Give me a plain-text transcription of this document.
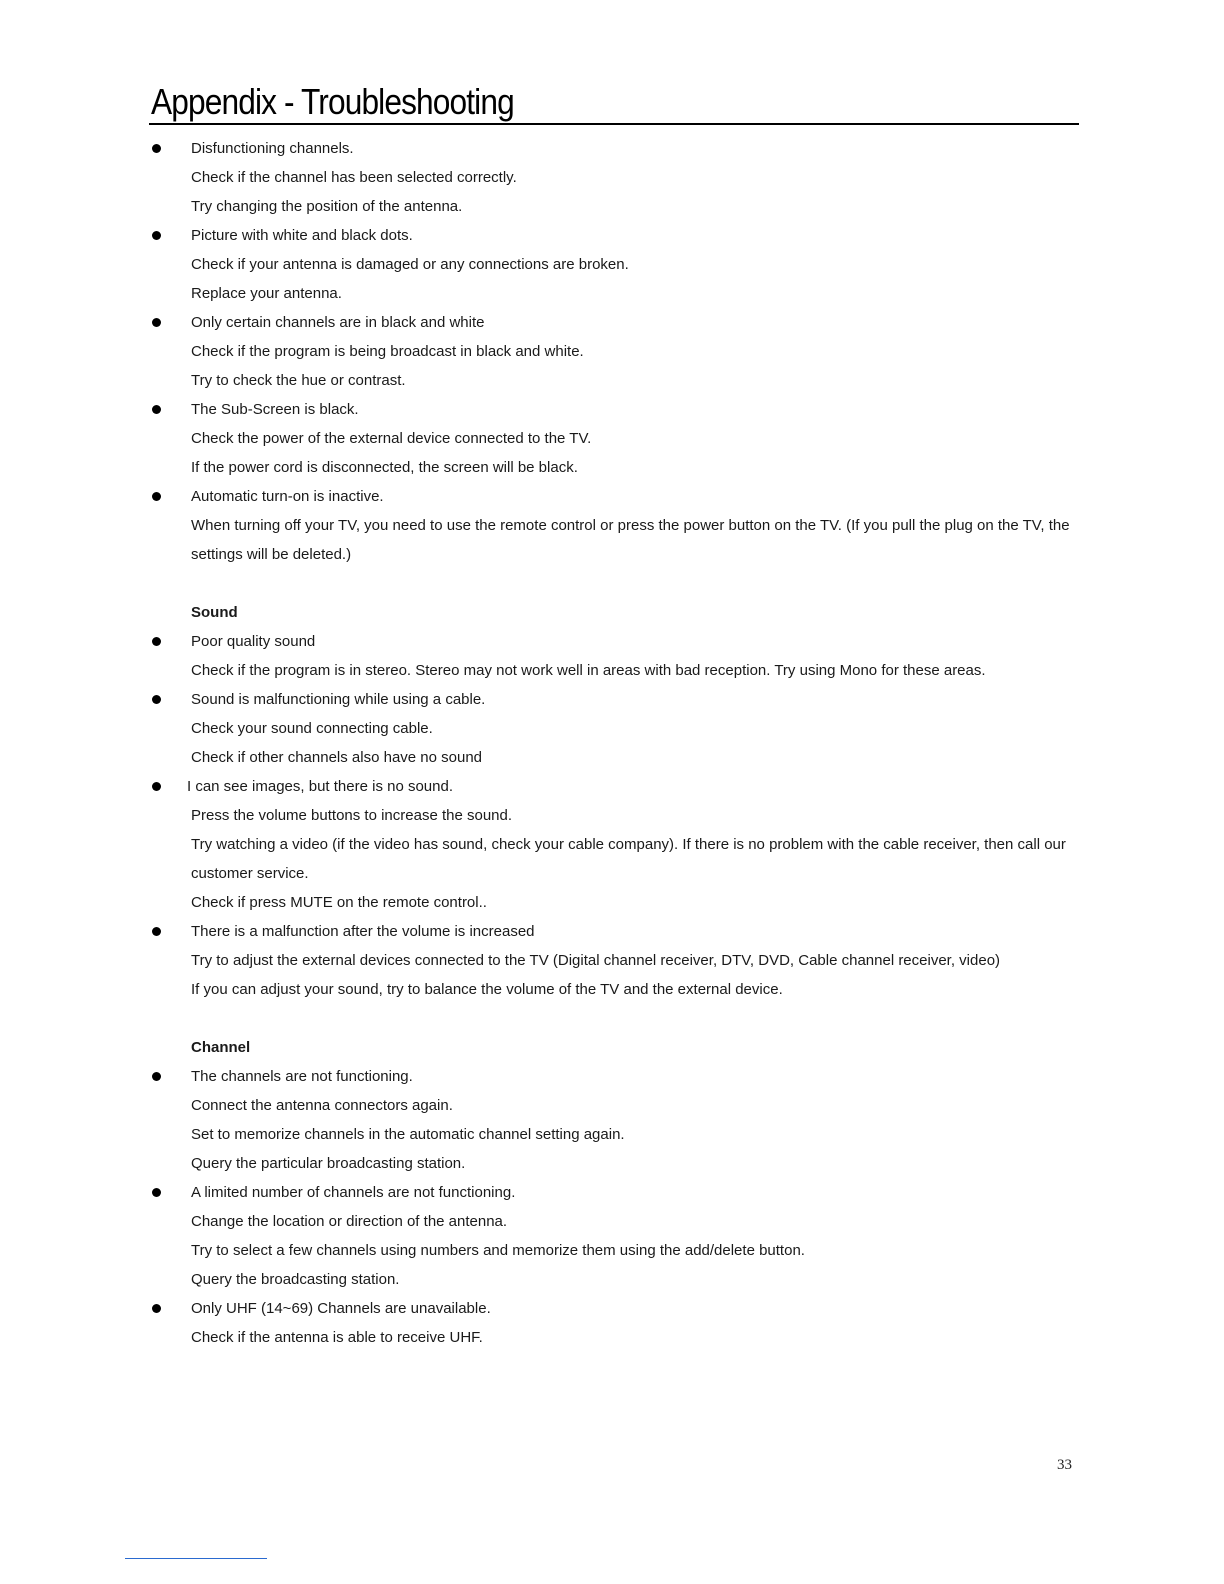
Appendix - Troubleshooting
Disfunctioning channels.
Check if the channel has been selected correctly.
Try changing the position of the antenna.
Picture with white and black dots.
Check if your antenna is damaged or any connections are broken.
Replace your antenna.
Only certain channels are in black and white
Check if the program is being broadcast in black and white.
Try to check the hue or contrast.
The Sub-Screen is black.
Check the power of the external device connected to the TV.
If the power cord is disconnected, the screen will be black.
Automatic turn-on is inactive.
When turning off your TV, you need to use the remote control or press the power button on the TV. (If you pull the plug on the TV, the settings will be deleted.)
Sound
Poor quality sound
Check if the program is in stereo. Stereo may not work well in areas with bad reception. Try using Mono for these areas.
Sound is malfunctioning while using a cable.
Check your sound connecting cable.
Check if other channels also have no sound
I can see images, but there is no sound.
Press the volume buttons to increase the sound.
Try watching a video (if the video has sound, check your cable company). If there is no problem with the cable receiver, then call our customer service.
Check if press MUTE on the remote control..
There is a malfunction after the volume is increased
Try to adjust the external devices connected to the TV (Digital channel receiver, DTV, DVD, Cable channel receiver, video)
If you can adjust your sound, try to balance the volume of the TV and the external device.
Channel
The channels are not functioning.
Connect the antenna connectors again.
Set to memorize channels in the automatic channel setting again.
Query the particular broadcasting station.
A limited number of channels are not functioning.
Change the location or direction of the antenna.
Try to select a few channels using numbers and memorize them using the add/delete button.
Query the broadcasting station.
Only UHF (14~69) Channels are unavailable.
Check if the antenna is able to receive UHF.
33
